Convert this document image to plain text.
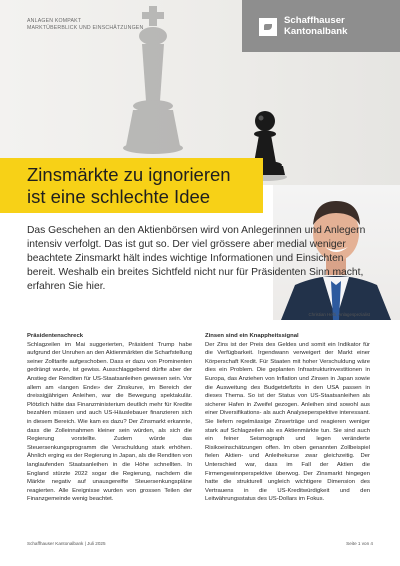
ANLAGEN KOMPAKT
MARKTÜBERBLICK UND EINSCHÄTZUNGEN
Schaffhauser
Kantonalbank
Zinsmärkte zu ignorieren
ist eine schlechte Idee
Das Geschehen an den Aktienbörsen wird von Anlegerinnen und Anlegern intensiv verfolgt. Das ist gut so. Der viel grössere aber medial weniger beachtete Zinsmarkt hält indes wichtige Informationen und Einsichten bereit. Weshalb ein breites Sichtfeld nicht nur für Präsidenten Sinn macht, erfahren Sie hier.
Christian Hefti, Anlagespezialist
Präsidentenschreck

Schlagzeilen im Mai suggerierten, Präsident Trump habe aufgrund der Unruhen an den Aktienmärkten die Scharfstellung seiner Zolltarife aufgeschoben. Dass er dazu von Prominenten gedrängt wurde, ist gewiss. Ausschlaggebend dürfte aber der Anstieg der Renditen für US-Staatsanleihen gewesen sein. Vor allem am «langen Ende» der Zinskurve, im Bereich der dreissigjährigen Anleihen, war die Bewegung spektakulär. Plötzlich hätte das Finanzministerium deutlich mehr für Kredite bezahlen müssen und auch US-Häuslebauer finanzieren sich in diesem Bereich. Wie kam es dazu? Der Zinsmarkt erkannte, dass die Zolleinnahmen kleiner sein würden, als sich die Regierung vorstellte. Zudem würde das Steuersenkungsprogramm die Verschuldung stark erhöhen. Ähnlich erging es der Regierung in Japan, als die Renditen von langlaufenden Staatsanleihen in die Höhe schnellten. In England stürzte 2022 sogar die Regierung, nachdem die Märkte negativ auf unausgereifte Steuersenkungspläne reagierten. Alle Ereignisse wurden von grossen Teilen der Finanzgemeinde wenig beachtet.

Zinsen sind ein Knappheitssignal

Der Zins ist der Preis des Geldes und somit ein Indikator für die Verfügbarkeit. Irgendwann verweigert der Markt einer Körperschaft Kredit. Für Staaten mit hoher Verschuldung wäre dies ein Problem. Die geplanten Infrastrukturinvestitionen in Europa, das Anziehen von Inflation und Zinsen in Japan sowie die Ausweitung des Budgetdefizits in den USA passen in dieses Thema. So ist der Status von US-Staatsanleihen als sicherer Hafen in Zweifel gezogen. Anleihen sind sowohl aus einer Diversifikations- als auch Analyseperspektive interessant. Sie liefern regelmässige Zinserträge und reagieren weniger stark auf Schlagzeilen als es Aktienmärkte tun. Sie sind auch ein feiner Seismograph und legen veränderte Risikoeinschätzungen offen. Im oben genannten Zollbeispiel fielen Aktien- und Anleihekurse zwar gleichzeitig. Der Unterschied war, dass im Fall der Aktien die Firmengewinnperspektive überwog. Der Zinsmarkt hingegen hatte die strukturell ungleich wichtigere Dimension des Vertrauens in die US-Kreditwürdigkeit und den Leitwährungsstatus des US-Dollars im Fokus.

Schaffhauser Kantonalbank | Juli 2025	Seite 1 von 4
